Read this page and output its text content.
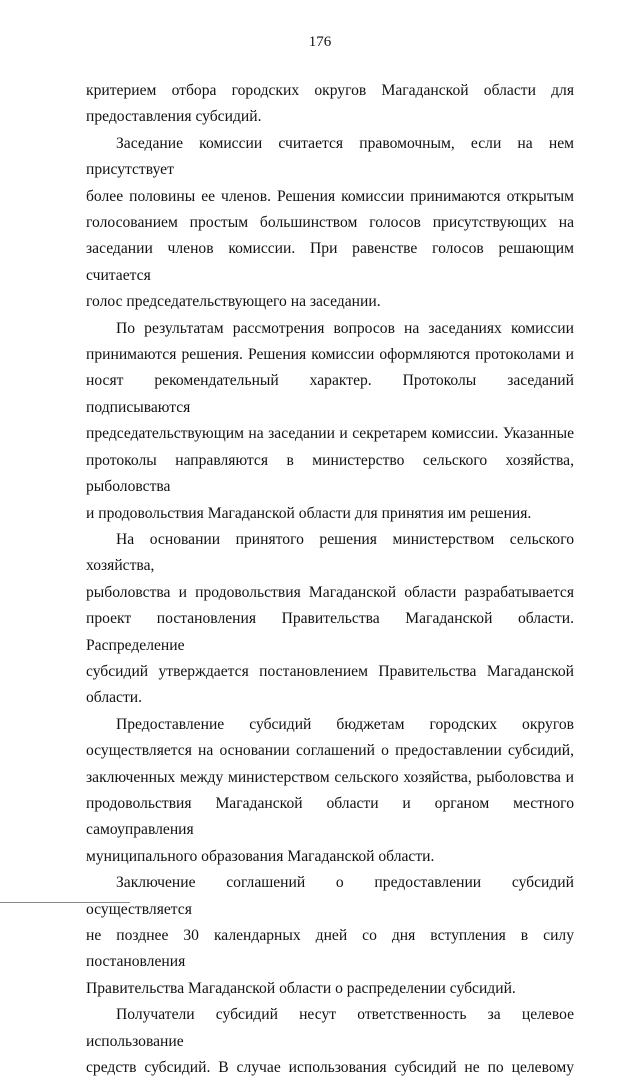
176
критерием отбора городских округов Магаданской области для
предоставления субсидий.
Заседание комиссии считается правомочным, если на нем присутствует
более половины ее членов. Решения комиссии принимаются открытым
голосованием простым большинством голосов присутствующих на
заседании членов комиссии. При равенстве голосов решающим считается
голос председательствующего на заседании.
По результатам рассмотрения вопросов на заседаниях комиссии
принимаются решения. Решения комиссии оформляются протоколами и
носят рекомендательный характер. Протоколы заседаний подписываются
председательствующим на заседании и секретарем комиссии. Указанные
протоколы направляются в министерство сельского хозяйства, рыболовства
и продовольствия Магаданской области для принятия им решения.
На основании принятого решения министерством сельского хозяйства,
рыболовства и продовольствия Магаданской области разрабатывается
проект постановления Правительства Магаданской области. Распределение
субсидий утверждается постановлением Правительства Магаданской
области.
Предоставление субсидий бюджетам городских округов
осуществляется на основании соглашений о предоставлении субсидий,
заключенных между министерством сельского хозяйства, рыболовства и
продовольствия Магаданской области и органом местного самоуправления
муниципального образования Магаданской области.
Заключение соглашений о предоставлении субсидий осуществляется
не позднее 30 календарных дней со дня вступления в силу постановления
Правительства Магаданской области о распределении субсидий.
Получатели субсидий несут ответственность за целевое использование
средств субсидий. В случае использования субсидий не по целевому
